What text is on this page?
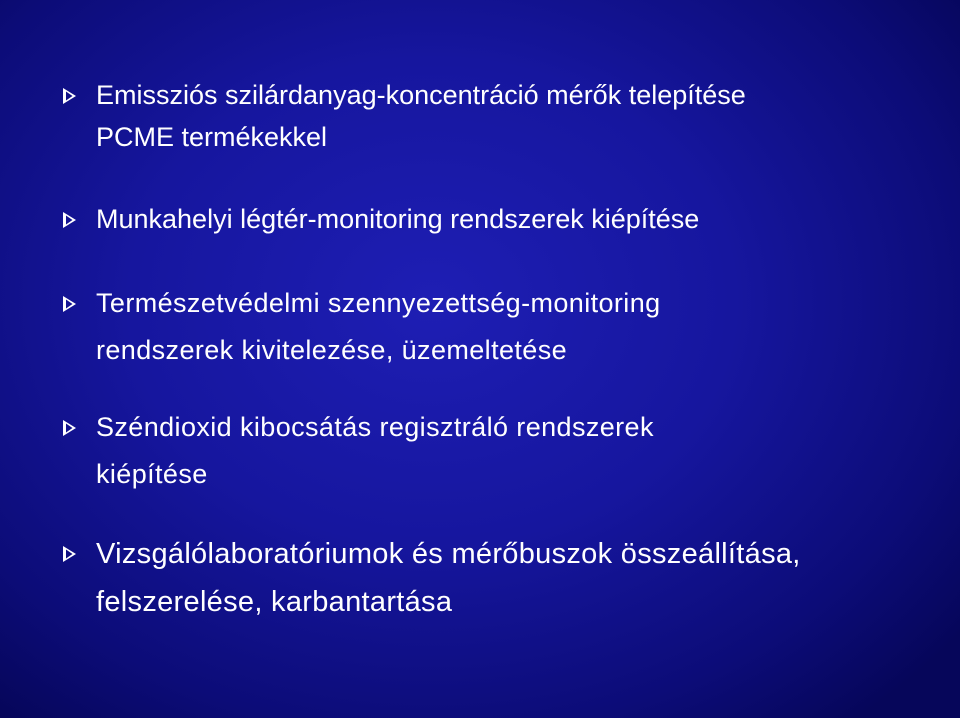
Emissziós szilárdanyag-koncentráció mérők telepítése
PCME termékekkel
Munkahelyi légtér-monitoring rendszerek kiépítése
Természetvédelmi szennyezettség-monitoring
rendszerek kivitelezése, üzemeltetése
Széndioxid kibocsátás regisztráló rendszerek
kiépítése
Vizsgálólaboratóriumok és mérőbuszok összeállítása,
felszerelése, karbantartása
